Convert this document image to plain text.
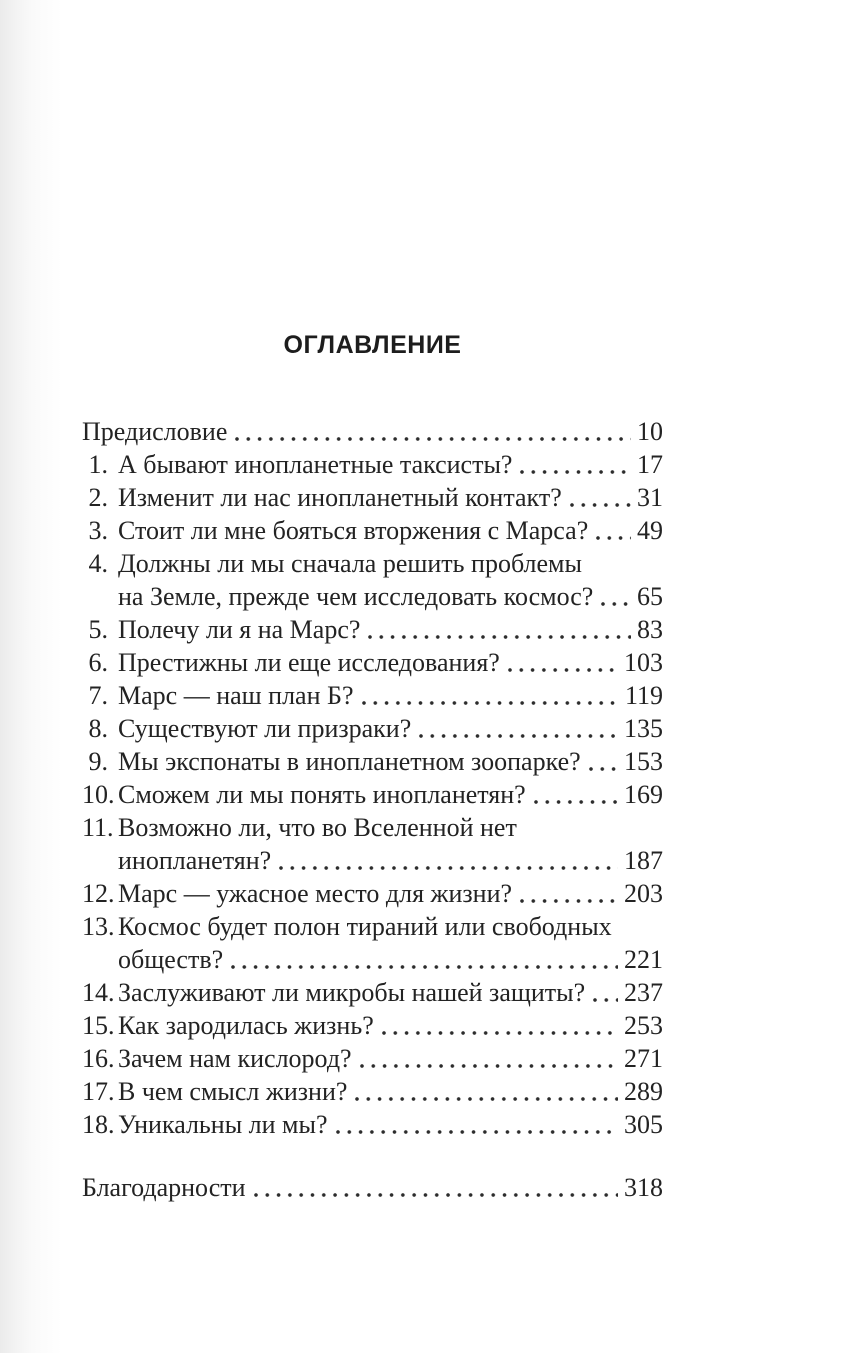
ОГЛАВЛЕНИЕ
Предисловие	10
1. А бывают инопланетные таксисты?	17
2. Изменит ли нас инопланетный контакт?	31
3. Стоит ли мне бояться вторжения с Марса? 49
4. Должны ли мы сначала решить проблемы
на Земле, прежде чем исследовать космос? 65
5. Полечу ли я на Марс?	83
6. Престижны ли еще исследования?	103
7. Марс — наш план Б?	119
8. Существуют ли призраки?	135
9. Мы экспонаты в инопланетном зоопарке? 153
10. Сможем ли мы понять инопланетян?	169
11. Возможно ли, что во Вселенной нет
инопланетян?	187
12. Марс — ужасное место для жизни?	203
13. Космос будет полон тираний или свободных
обществ?	221
14. Заслуживают ли микробы нашей защиты? 237
15. Как зародилась жизнь?	253
16. Зачем нам кислород?	271
17. В чем смысл жизни?	289
18. Уникальны ли мы?	305
Благодарности	318
